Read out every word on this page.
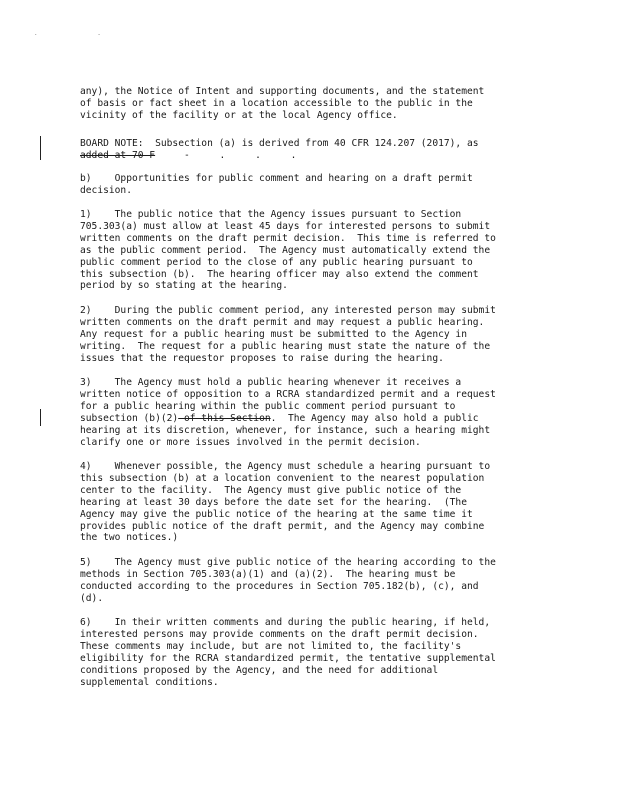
. .
any), the Notice of Intent and supporting documents, and the statement
of basis or fact sheet in a location accessible to the public in the
vicinity of the facility or at the local Agency office.
BOARD NOTE:  Subsection (a) is derived from 40 CFR 124.207 (2017), as
added at 70 F	- . . .
b)    Opportunities for public comment and hearing on a draft permit
decision.
1)    The public notice that the Agency issues pursuant to Section
705.303(a) must allow at least 45 days for interested persons to submit
written comments on the draft permit decision.  This time is referred to
as the public comment period.  The Agency must automatically extend the
public comment period to the close of any public hearing pursuant to
this subsection (b).  The hearing officer may also extend the comment
period by so stating at the hearing.
2)    During the public comment period, any interested person may submit
written comments on the draft permit and may request a public hearing.
Any request for a public hearing must be submitted to the Agency in
writing.  The request for a public hearing must state the nature of the
issues that the requestor proposes to raise during the hearing.
3)    The Agency must hold a public hearing whenever it receives a
written notice of opposition to a RCRA standardized permit and a request
for a public hearing within the public comment period pursuant to
subsection (b)(2) of this Section.  The Agency may also hold a public
hearing at its discretion, whenever, for instance, such a hearing might
clarify one or more issues involved in the permit decision.
4)    Whenever possible, the Agency must schedule a hearing pursuant to
this subsection (b) at a location convenient to the nearest population
center to the facility.  The Agency must give public notice of the
hearing at least 30 days before the date set for the hearing.  (The
Agency may give the public notice of the hearing at the same time it
provides public notice of the draft permit, and the Agency may combine
the two notices.)
5)    The Agency must give public notice of the hearing according to the
methods in Section 705.303(a)(1) and (a)(2).  The hearing must be
conducted according to the procedures in Section 705.182(b), (c), and
(d).
6)    In their written comments and during the public hearing, if held,
interested persons may provide comments on the draft permit decision.
These comments may include, but are not limited to, the facility's
eligibility for the RCRA standardized permit, the tentative supplemental
conditions proposed by the Agency, and the need for additional
supplemental conditions.
